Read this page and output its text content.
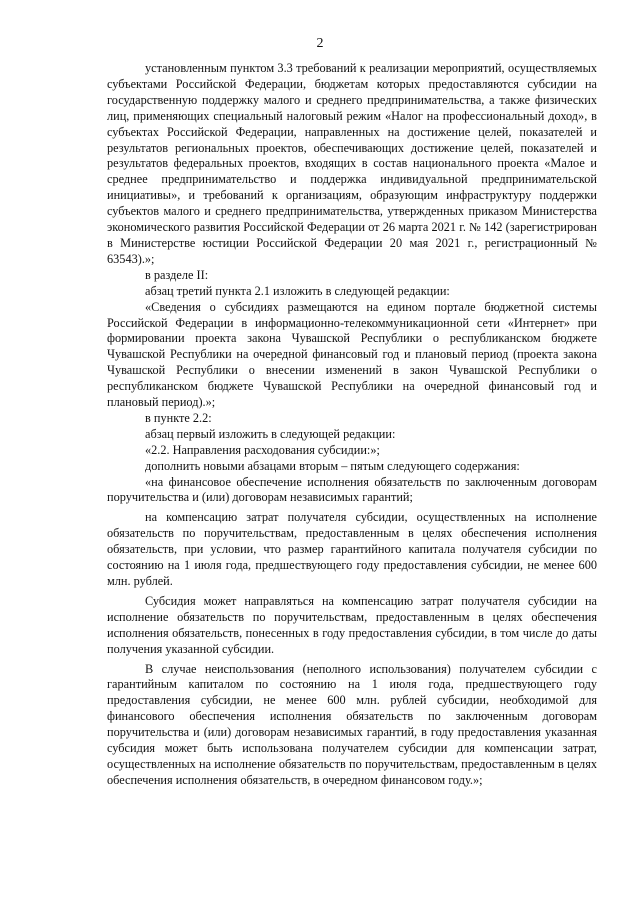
2

установленным пунктом 3.3 требований к реализации мероприятий, осуществляемых субъектами Российской Федерации, бюджетам которых предоставляются субсидии на государственную поддержку малого и среднего предпринимательства, а также физических лиц, применяющих специальный налоговый режим «Налог на профессиональный доход», в субъектах Российской Федерации, направленных на достижение целей, показателей и результатов региональных проектов, обеспечивающих достижение целей, показателей и результатов федеральных проектов, входящих в состав национального проекта «Малое и среднее предпринимательство и поддержка индивидуальной предпринимательской инициативы», и требований к организациям, образующим инфраструктуру поддержки субъектов малого и среднего предпринимательства, утвержденных приказом Министерства экономического развития Российской Федерации от 26 марта 2021 г. № 142 (зарегистрирован в Министерстве юстиции Российской Федерации 20 мая 2021 г., регистрационный № 63543).»;

в разделе II:

абзац третий пункта 2.1 изложить в следующей редакции:

«Сведения о субсидиях размещаются на едином портале бюджетной системы Российской Федерации в информационно-телекоммуникационной сети «Интернет» при формировании проекта закона Чувашской Республики о республиканском бюджете Чувашской Республики на очередной финансовый год и плановый период (проекта закона Чувашской Республики о внесении изменений в закон Чувашской Республики о республиканском бюджете Чувашской Республики на очередной финансовый год и плановый период).»;

в пункте 2.2:

абзац первый изложить в следующей редакции:

«2.2. Направления расходования субсидии:»;

дополнить новыми абзацами вторым – пятым следующего содержания:

«на финансовое обеспечение исполнения обязательств по заключенным договорам поручительства и (или) договорам независимых гарантий;

на компенсацию затрат получателя субсидии, осуществленных на исполнение обязательств по поручительствам, предоставленным в целях обеспечения исполнения обязательств, при условии, что размер гарантийного капитала получателя субсидии по состоянию на 1 июля года, предшествующего году предоставления субсидии, не менее 600 млн. рублей.

Субсидия может направляться на компенсацию затрат получателя субсидии на исполнение обязательств по поручительствам, предоставленным в целях обеспечения исполнения обязательств, понесенных в году предоставления субсидии, в том числе до даты получения указанной субсидии.

В случае неиспользования (неполного использования) получателем субсидии с гарантийным капиталом по состоянию на 1 июля года, предшествующего году предоставления субсидии, не менее 600 млн. рублей субсидии, необходимой для финансового обеспечения исполнения обязательств по заключенным договорам поручительства и (или) договорам независимых гарантий, в году предоставления указанная субсидия может быть использована получателем субсидии для компенсации затрат, осуществленных на исполнение обязательств по поручительствам, предоставленным в целях обеспечения исполнения обязательств, в очередном финансовом году.»;
